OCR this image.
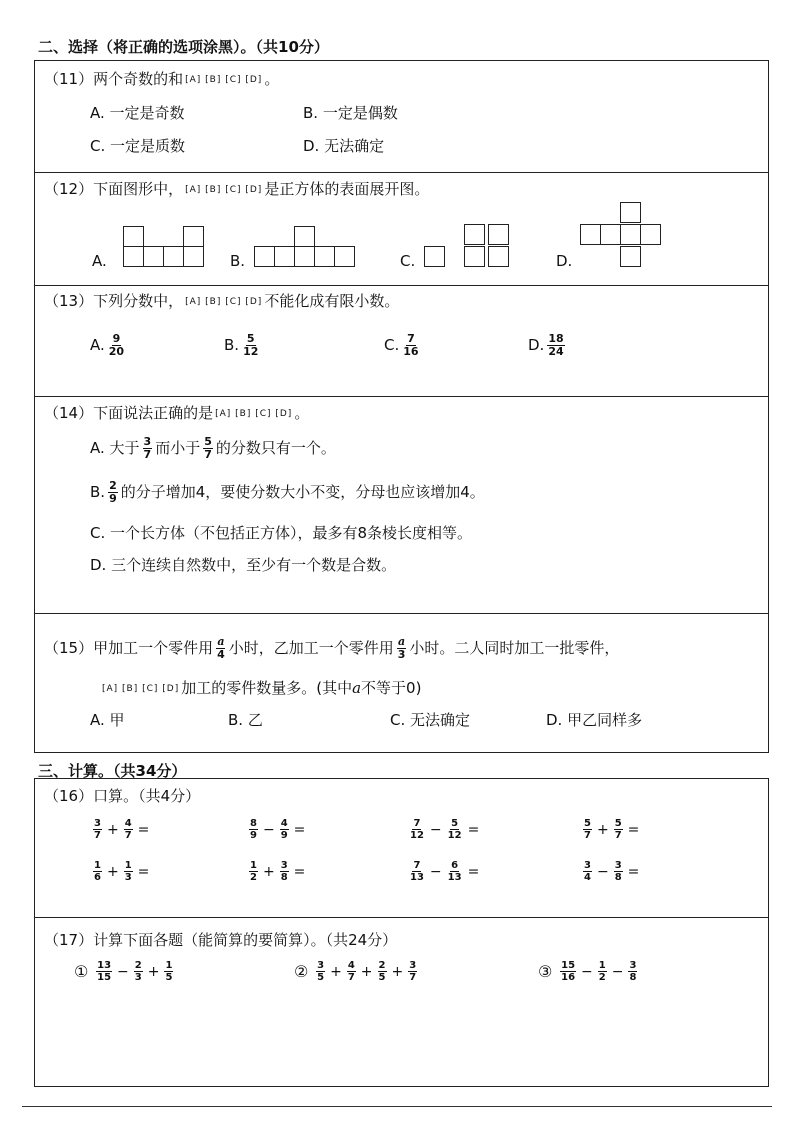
二、选择（将正确的选项涂黑）。（共10分）
（11）两个奇数的和 [A] [B] [C] [D] 。
A. 一定是奇数	B. 一定是偶数
C. 一定是质数	D. 无法确定
（12）下面图形中， [A] [B] [C] [D] 是正方体的表面展开图。
A.	B.	C.	D.
（13）下列分数中， [A] [B] [C] [D] 不能化成有限小数。
A. $\frac{9}{20}$	B. $\frac{5}{12}$	C. $\frac{7}{16}$	D. $\frac{18}{24}$
（14）下面说法正确的是 [A] [B] [C] [D] 。
A. 大于 $\frac{3}{7}$ 而小于 $\frac{5}{7}$ 的分数只有一个。
B. $\frac{2}{9}$ 的分子增加4，要使分数大小不变，分母也应该增加4。
C. 一个长方体（不包括正方体），最多有8条棱长度相等。
D. 三个连续自然数中，至少有一个数是合数。
（15）甲加工一个零件用 $\frac{a}{4}$ 小时，乙加工一个零件用 $\frac{a}{3}$ 小时。二人同时加工一批零件，
[A] [B] [C] [D] 加工的零件数量多。(其中a不等于0)
A. 甲	B. 乙	C. 无法确定	D. 甲乙同样多
三、计算。（共34分）
（16）口算。（共4分）
$\frac{3}{7} + \frac{4}{7}$ =	$\frac{8}{9} - \frac{4}{9}$ =	$\frac{7}{12} - \frac{5}{12}$ =	$\frac{5}{7} + \frac{5}{7}$ =
$\frac{1}{6} + \frac{1}{3}$ =	$\frac{1}{2} + \frac{3}{8}$ =	$\frac{7}{13} - \frac{6}{13}$ =	$\frac{3}{4} - \frac{3}{8}$ =
（17）计算下面各题（能简算的要简算）。（共24分）
① $\frac{13}{15} - \frac{2}{3} + \frac{1}{5}$	② $\frac{3}{5} + \frac{4}{7} + \frac{2}{5} + \frac{3}{7}$	③ $\frac{15}{16} - \frac{1}{2} - \frac{3}{8}$
